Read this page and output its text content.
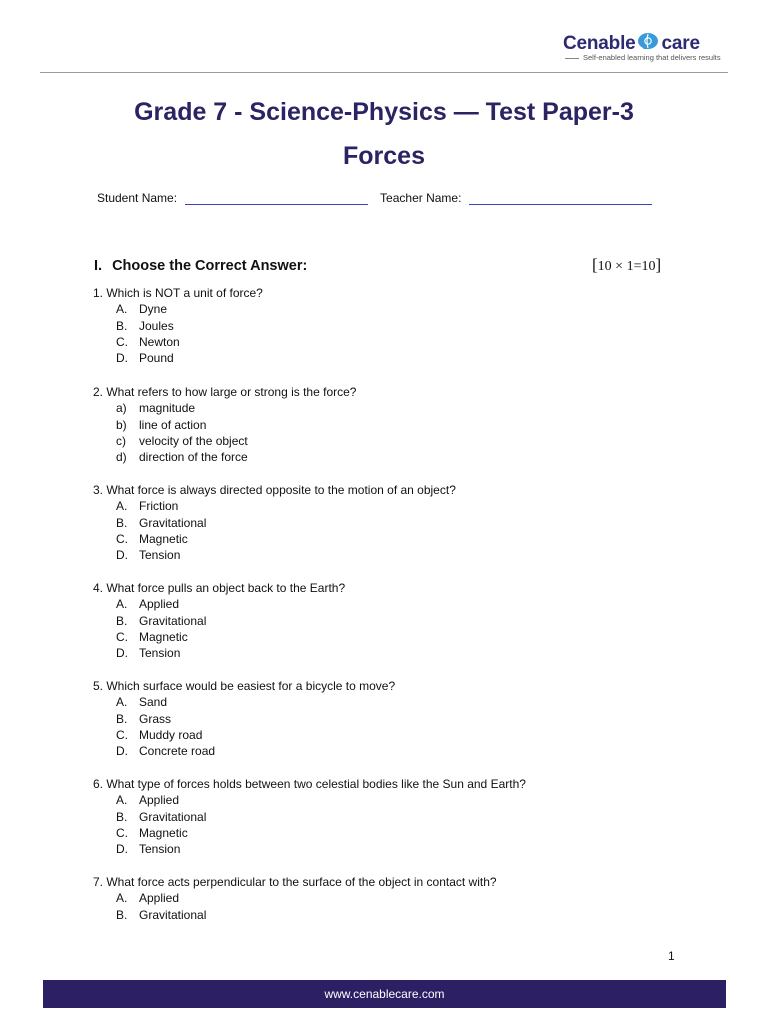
Cenable care
Self-enabled learning that delivers results
Grade 7 - Science-Physics — Test Paper-3
Forces
Student Name:	Teacher Name:
I. Choose the Correct Answer:	[10 × 1=10]
1. Which is NOT a unit of force?
A. Dyne
B. Joules
C. Newton
D. Pound
2. What refers to how large or strong is the force?
a) magnitude
b) line of action
c) velocity of the object
d) direction of the force
3. What force is always directed opposite to the motion of an object?
A. Friction
B. Gravitational
C. Magnetic
D. Tension
4. What force pulls an object back to the Earth?
A. Applied
B. Gravitational
C. Magnetic
D. Tension
5. Which surface would be easiest for a bicycle to move?
A. Sand
B. Grass
C. Muddy road
D. Concrete road
6. What type of forces holds between two celestial bodies like the Sun and Earth?
A. Applied
B. Gravitational
C. Magnetic
D. Tension
7. What force acts perpendicular to the surface of the object in contact with?
A. Applied
B. Gravitational
1
www.cenablecare.com
